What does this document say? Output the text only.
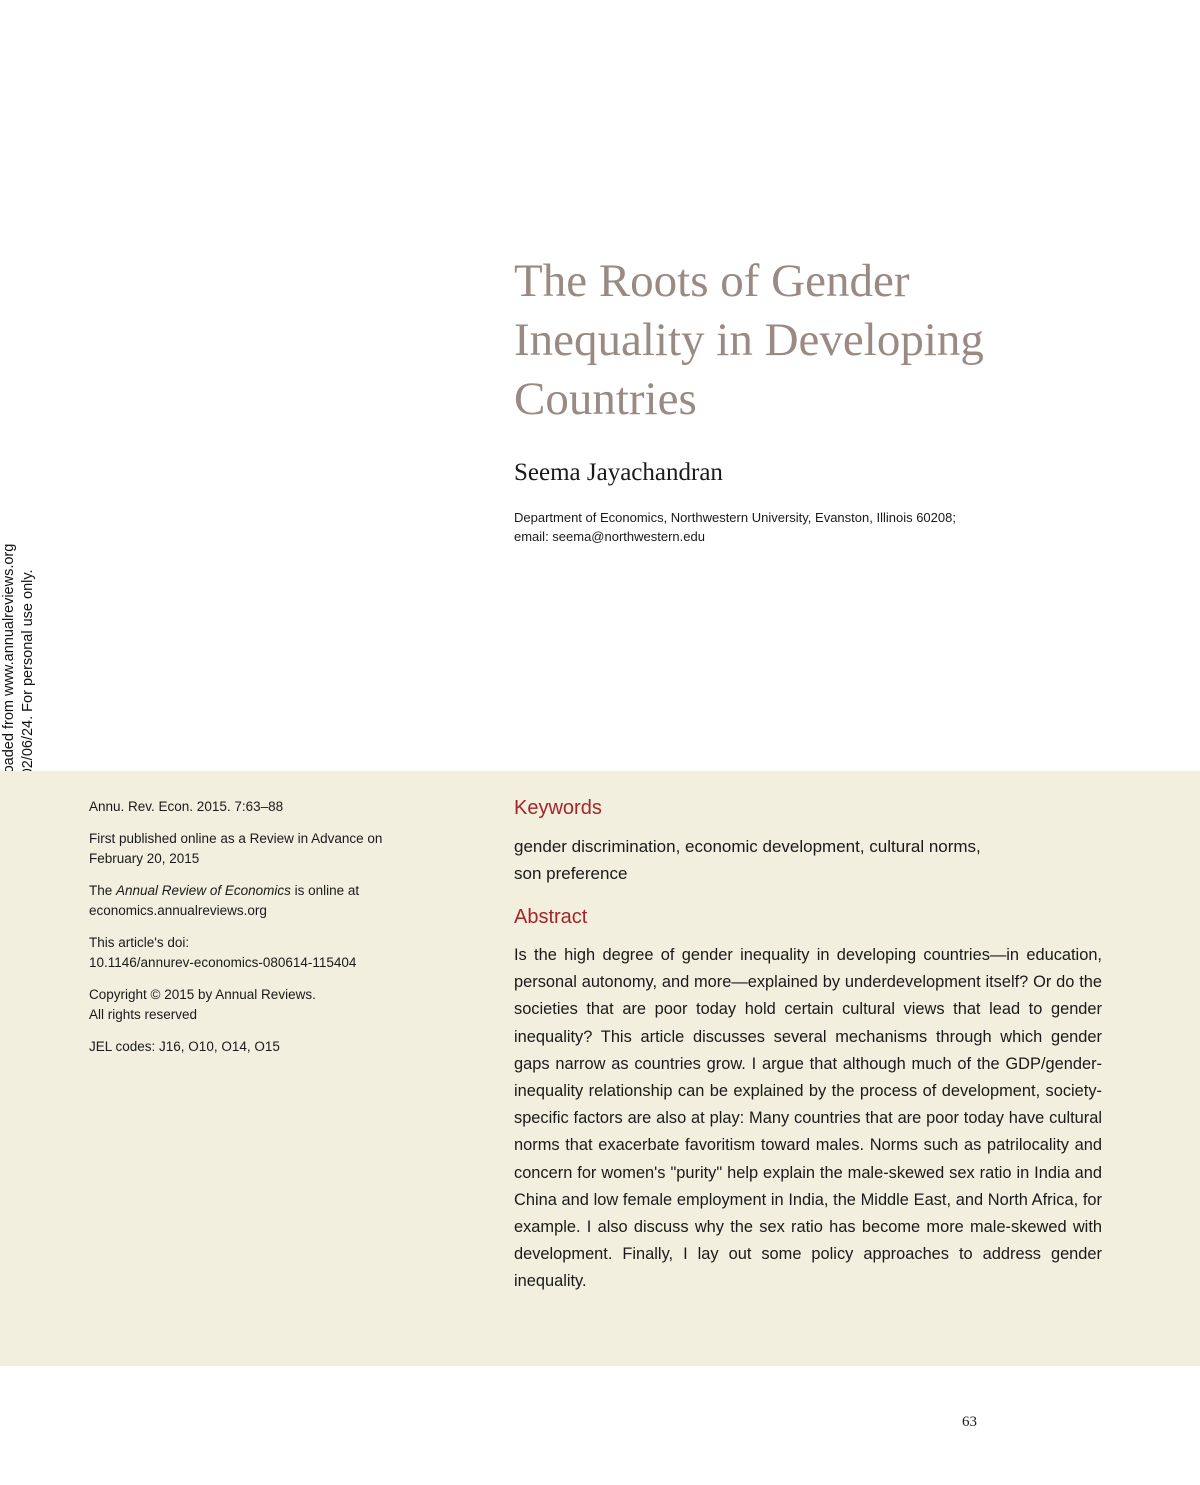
The Roots of Gender
Inequality in Developing
Countries
Seema Jayachandran
Department of Economics, Northwestern University, Evanston, Illinois 60208;
email: seema@northwestern.edu

Annu. Rev. Econ. 2015. 7:63–88

First published online as a Review in Advance on
February 20, 2015

The Annual Review of Economics is online at
economics.annualreviews.org

This article's doi:
10.1146/annurev-economics-080614-115404

Copyright © 2015 by Annual Reviews.
All rights reserved

JEL codes: J16, O10, O14, O15

Keywords
gender discrimination, economic development, cultural norms,
son preference
Abstract
Is the high degree of gender inequality in developing countries—in education, personal autonomy, and more—explained by underdevelopment itself? Or do the societies that are poor today hold certain cultural views that lead to gender inequality? This article discusses several mechanisms through which gender gaps narrow as countries grow. I argue that although much of the GDP/gender-inequality relationship can be explained by the process of development, society-specific factors are also at play: Many countries that are poor today have cultural norms that exacerbate favoritism toward males. Norms such as patrilocality and concern for women's "purity" help explain the male-skewed sex ratio in India and China and low female employment in India, the Middle East, and North Africa, for example. I also discuss why the sex ratio has become more male-skewed with development. Finally, I lay out some policy approaches to address gender inequality.
63
